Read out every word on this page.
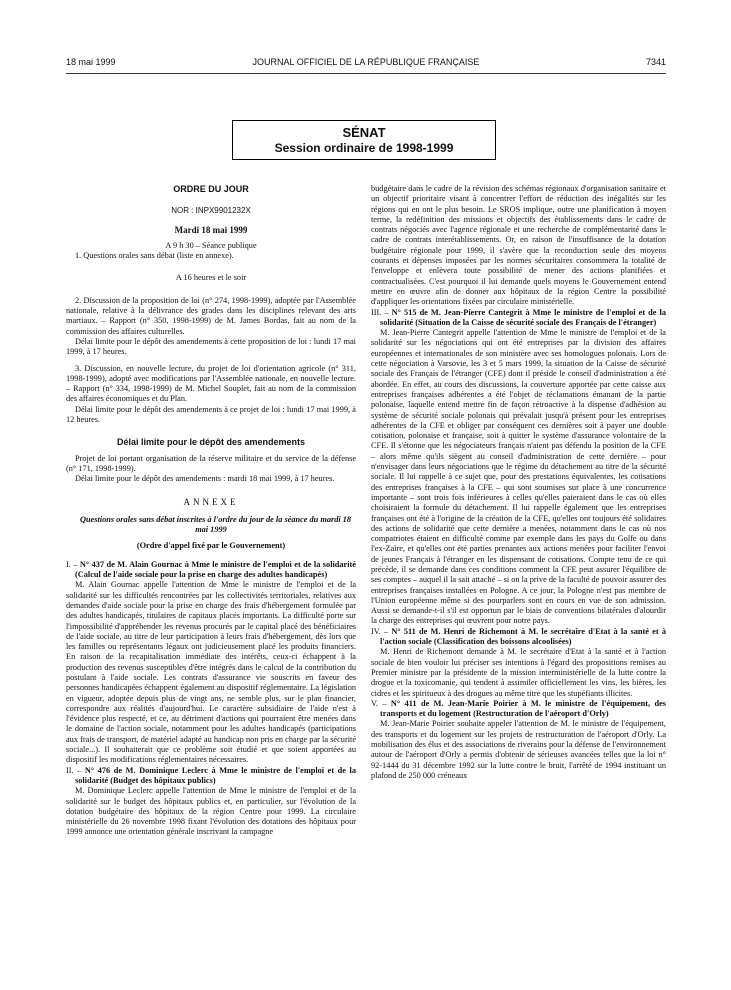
18 mai 1999	JOURNAL OFFICIEL DE LA RÉPUBLIQUE FRANÇAISE	7341
SÉNAT
Session ordinaire de 1998-1999
ORDRE DU JOUR
NOR : INPX9901232X
Mardi 18 mai 1999

A 9 h 30 – Séance publique

1. Questions orales sans débat (liste en annexe).

A 16 heures et le soir

2. Discussion de la proposition de loi (n° 274, 1998-1999), adoptée par l'Assemblée nationale, relative à la délivrance des grades dans les disciplines relevant des arts martiaux. – Rapport (n° 350, 1998-1999) de M. James Bordas, fait au nom de la commission des affaires culturelles.

Délai limite pour le dépôt des amendements à cette proposition de loi : lundi 17 mai 1999, à 17 heures.

3. Discussion, en nouvelle lecture, du projet de loi d'orientation agricole (n° 311, 1998-1999), adopté avec modifications par l'Assemblée nationale, en nouvelle lecture. – Rapport (n° 334, 1998-1999) de M. Michel Souplet, fait au nom de la commission des affaires économiques et du Plan.

Délai limite pour le dépôt des amendements à ce projet de loi : lundi 17 mai 1999, à 12 heures.

Délai limite pour le dépôt des amendements

Projet de loi portant organisation de la réserve militaire et du service de la défense (n° 171, 1998-1999).

Délai limite pour le dépôt des amendements : mardi 18 mai 1999, à 17 heures.

ANNEXE

Questions orales sans débat inscrites à l'ordre du jour de la séance du mardi 18 mai 1999

(Ordre d'appel fixé par le Gouvernement)

I. – N° 437 de M. Alain Gournac à Mme le ministre de l'emploi et de la solidarité (Calcul de l'aide sociale pour la prise en charge des adultes handicapés)

M. Alain Gournac appelle l'attention de Mme le ministre de l'emploi et de la solidarité sur les difficultés rencontrées par les collectivités territoriales, relatives aux demandes d'aide sociale pour la prise en charge des frais d'hébergement formulée par des adultes handicapés, titulaires de capitaux placés importants. La difficulté porte sur l'impossibilité d'appréhender les revenus procurés par le capital placé des bénéficiaires de l'aide sociale, au titre de leur participation à leurs frais d'hébergement, dès lors que les familles ou représentants légaux ont judicieusement placé les produits financiers. En raison de la recapitalisation immédiate des intérêts, ceux-ci échappent à la production des revenus susceptibles d'être intégrés dans le calcul de la contribution du postulant à l'aide sociale. Les contrats d'assurance vie souscrits en faveur des personnes handicapées échappent également au dispositif réglementaire. La législation en vigueur, adoptée depuis plus de vingt ans, ne semble plus, sur le plan financier, correspondre aux réalités d'aujourd'hui. Le caractère subsidiaire de l'aide n'est à l'évidence plus respecté, et ce, au détriment d'actions qui pourraient être menées dans le domaine de l'action sociale, notamment pour les adultes handicapés (participations aux frais de transport, de matériel adapté au handicap non pris en charge par la sécurité sociale...). Il souhaiterait que ce problème soit étudié et que soient apportées au dispositif les modifications réglementaires nécessaires.

II. – N° 476 de M. Dominique Leclerc à Mme le ministre de l'emploi et de la solidarité (Budget des hôpitaux publics)

M. Dominique Leclerc appelle l'attention de Mme le ministre de l'emploi et de la solidarité sur le budget des hôpitaux publics et, en particulier, sur l'évolution de la dotation budgétaire des hôpitaux de la région Centre pour 1999. La circulaire ministérielle du 26 novembre 1998 fixant l'évolution des dotations des hôpitaux pour 1999 annonce une orientation générale inscrivant la campagne

budgétaire dans le cadre de la révision des schémas régionaux d'organisation sanitaire et un objectif prioritaire visant à concentrer l'effort de réduction des inégalités sur les régions qui en ont le plus besoin. Le SROS implique, outre une planification à moyen terme, la redéfinition des missions et objectifs des établissements dans le cadre de contrats négociés avec l'agence régionale et une recherche de complémentarité dans le cadre de contrats interétablissements. Or, en raison de l'insuffisance de la dotation budgétaire régionale pour 1999, il s'avère que la reconduction seule des moyens courants et dépenses imposées par les normes sécuritaires consommera la totalité de l'enveloppe et enlèvera toute possibilité de mener des actions planifiées et contractualisées. C'est pourquoi il lui demande quels moyens le Gouvernement entend mettre en œuvre afin de donner aux hôpitaux de la région Centre la possibilité d'appliquer les orientations fixées par circulaire ministérielle.

III. – N° 515 de M. Jean-Pierre Cantegrit à Mme le ministre de l'emploi et de la solidarité (Situation de la Caisse de sécurité sociale des Français de l'étranger)

M. Jean-Pierre Cantegrit appelle l'attention de Mme le ministre de l'emploi et de la solidarité sur les négociations qui ont été entreprises par la division des affaires européennes et internationales de son ministère avec ses homologues polonais. Lors de cette négociation à Varsovie, les 3 et 5 mars 1999, la situation de la Caisse de sécurité sociale des Français de l'étranger (CFE) dont il préside le conseil d'administration a été abordée. En effet, au cours des discussions, la couverture apportée par cette caisse aux entreprises françaises adhérentes a été l'objet de réclamations émanant de la partie polonaise, laquelle entend mettre fin de façon rétroactive à la dispense d'adhésion au système de sécurité sociale polonais qui prévalait jusqu'à présent pour les entreprises adhérentes de la CFE et obliger par conséquent ces dernières soit à payer une double cotisation, polonaise et française, soit à quitter le système d'assurance volontaire de la CFE. Il s'étonne que les négociateurs français n'aient pas défendu la position de la CFE – alors même qu'ils siègent au conseil d'administration de cette dernière – pour n'envisager dans leurs négociations que le régime du détachement au titre de la sécurité sociale. Il lui rappelle à ce sujet que, pour des prestations équivalentes, les cotisations des entreprises françaises à la CFE – qui sont soumises sur place à une concurrence importante – sont trois fois inférieures à celles qu'elles paieraient dans le cas où elles choisiraient la formule du détachement. Il lui rappelle également que les entreprises françaises ont été à l'origine de la création de la CFE, qu'elles ont toujours été solidaires des actions de solidarité que cette dernière a menées, notamment dans le cas où nos compatriotes étaient en difficulté comme par exemple dans les pays du Golfe ou dans l'ex-Zaïre, et qu'elles ont été parties prenantes aux actions menées pour faciliter l'envoi de jeunes Français à l'étranger en les dispensant de cotisations. Compte tenu de ce qui précède, il se demande dans ces conditions comment la CFE peut assurer l'équilibre de ses comptes – auquel il la sait attaché – si on la prive de la faculté de pouvoir assurer des entreprises françaises installées en Pologne. A ce jour, la Pologne n'est pas membre de l'Union européenne même si des pourparlers sont en cours en vue de son admission. Aussi se demande-t-il s'il est opportun par le biais de conventions bilatérales d'alourdir la charge des entreprises qui œuvrent pour notre pays.

IV. – N° 511 de M. Henri de Richemont à M. le secrétaire d'Etat à la santé et à l'action sociale (Classification des boissons alcoolisées)

M. Henri de Richemont demande à M. le secrétaire d'Etat à la santé et à l'action sociale de bien vouloir lui préciser ses intentions à l'égard des propositions remises au Premier ministre par la présidente de la mission interministérielle de la lutte contre la drogue et la toxicomanie, qui tendent à assimiler officiellement les vins, les bières, les cidres et les spiritueux à des drogues au même titre que les stupéfiants illicites.

V. – N° 411 de M. Jean-Marie Poirier à M. le ministre de l'équipement, des transports et du logement (Restructuration de l'aéroport d'Orly)

M. Jean-Marie Poirier souhaite appeler l'attention de M. le ministre de l'équipement, des transports et du logement sur les projets de restructuration de l'aéroport d'Orly. La mobilisation des élus et des associations de riverains pour la défense de l'environnement autour de l'aéroport d'Orly a permis d'obtenir de sérieuses avancées telles que la loi n° 92-1444 du 31 décembre 1992 sur la lutte contre le bruit, l'arrêté de 1994 instituant un plafond de 250 000 créneaux
